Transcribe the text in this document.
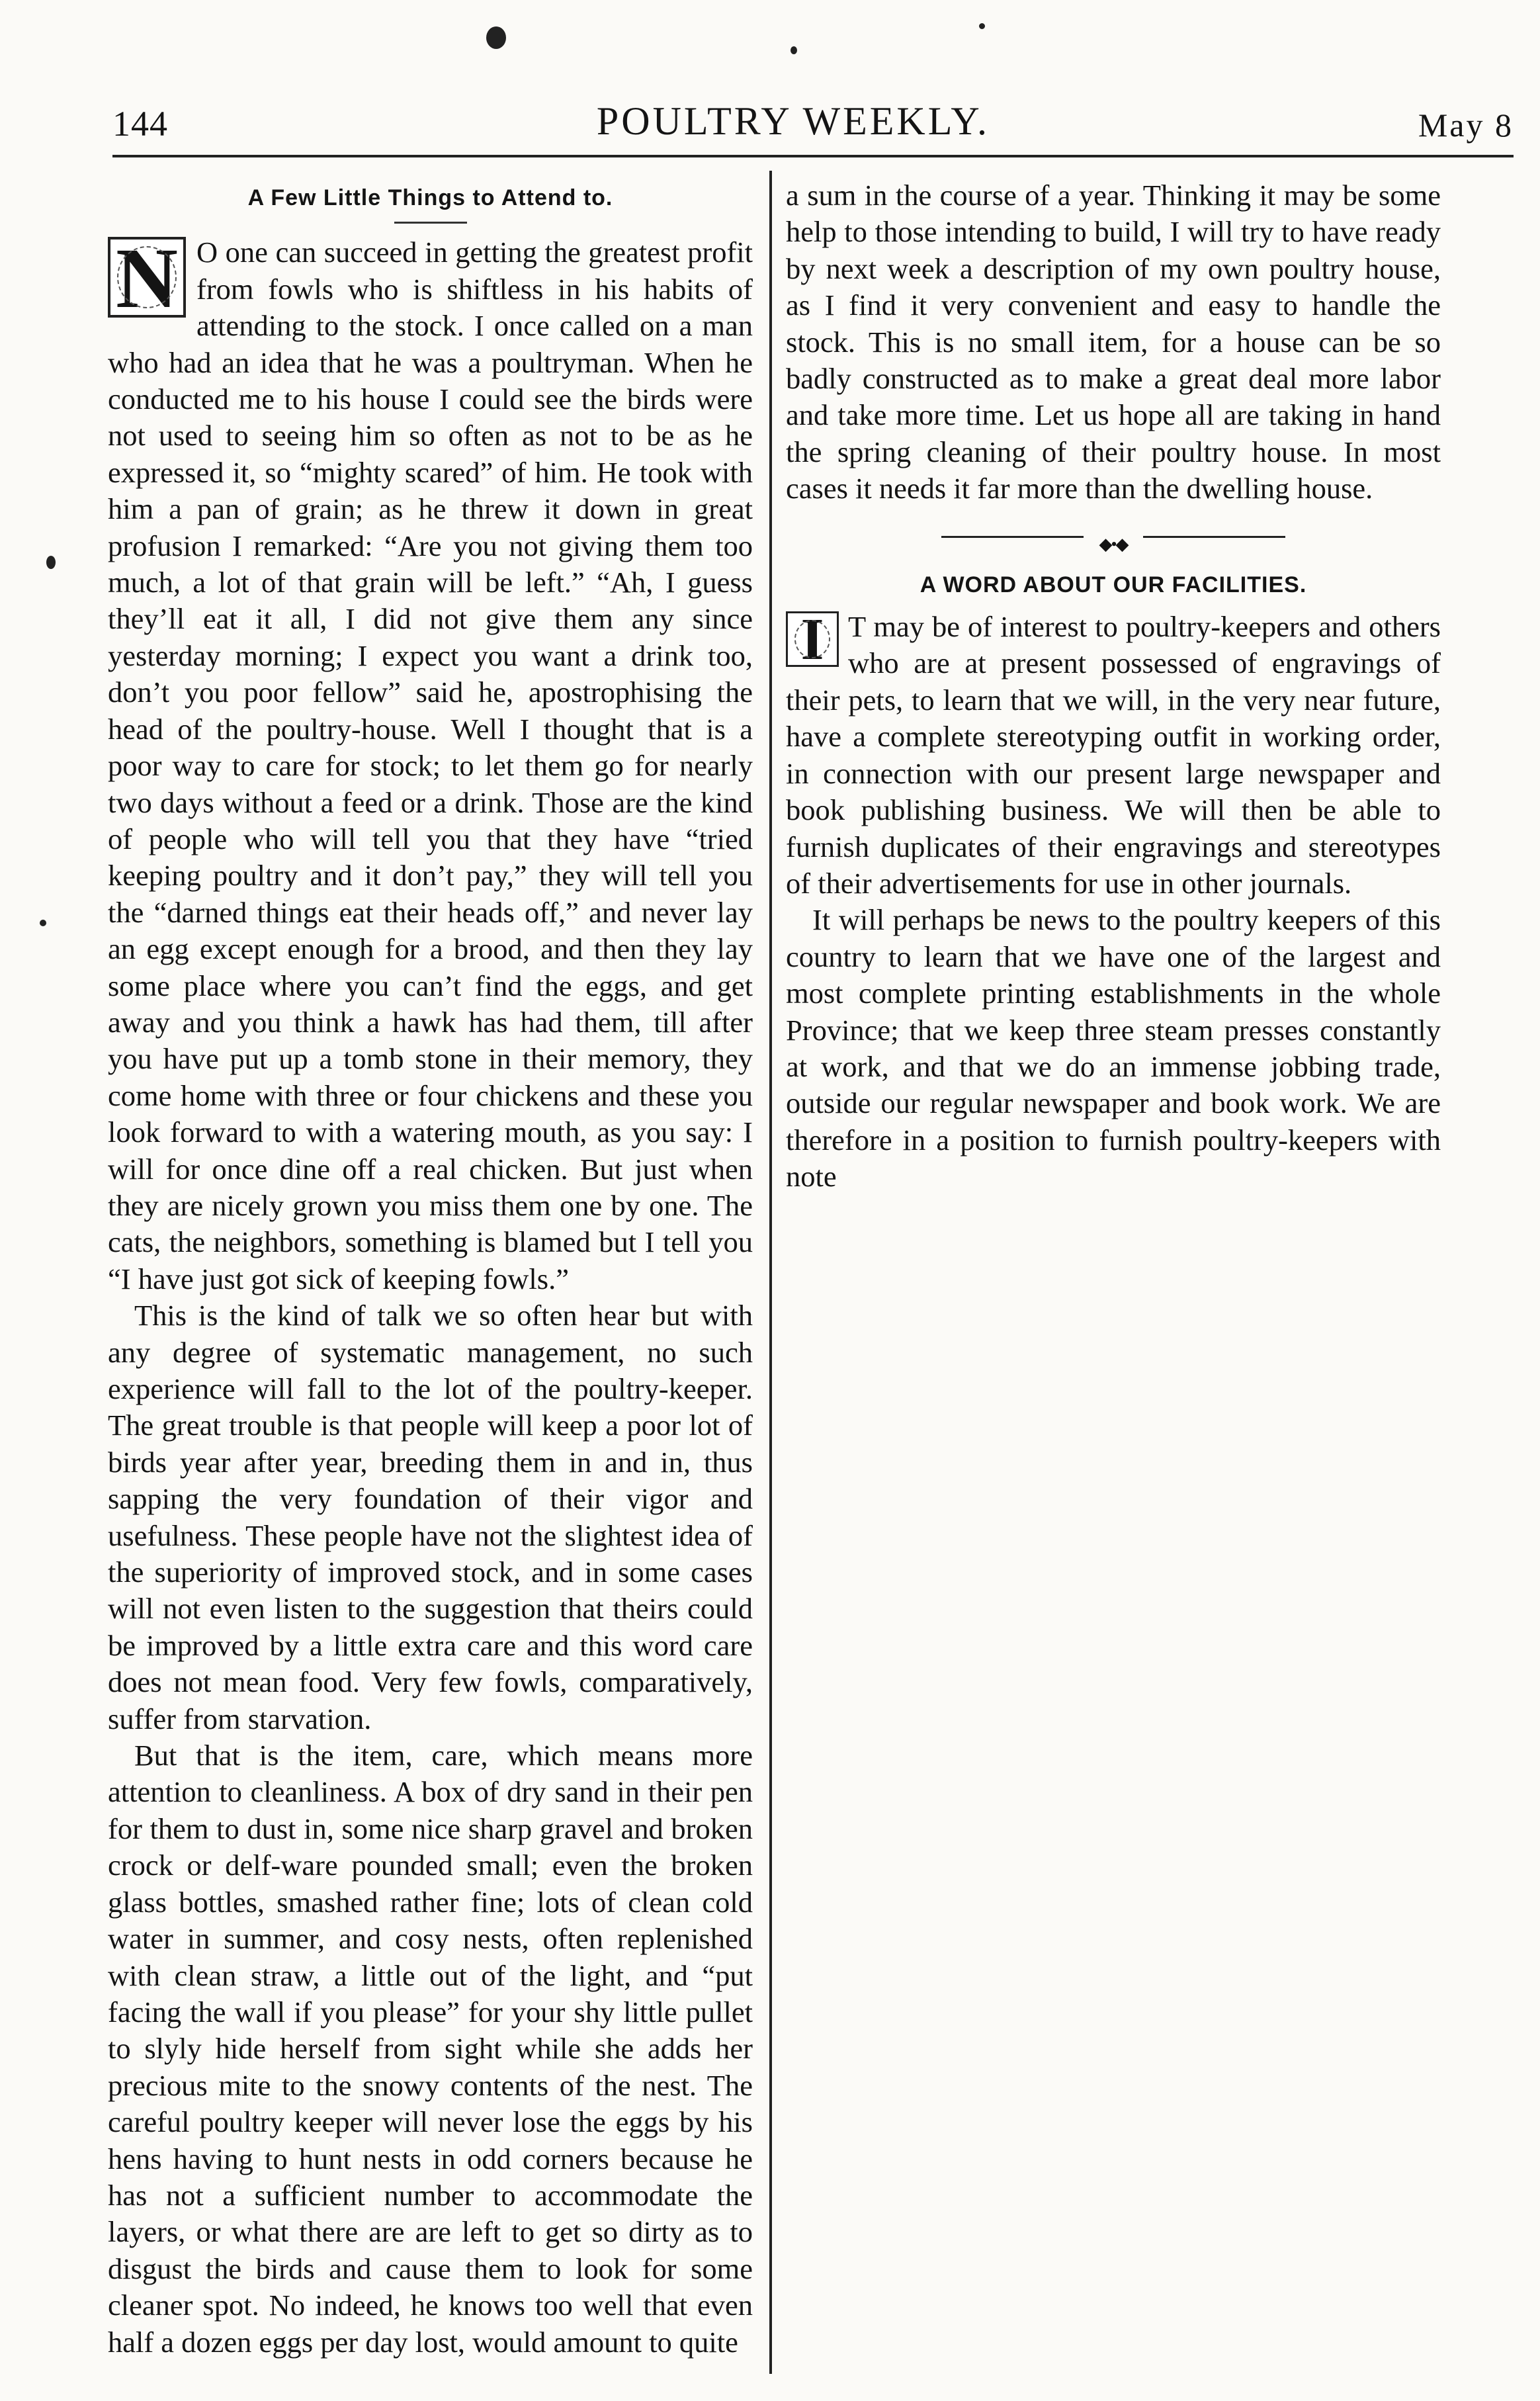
144	POULTRY WEEKLY.	May 8
A Few Little Things to Attend to.

N O one can succeed in getting the greatest profit from fowls who is shiftless in his habits of attending to the stock. I once called on a man who had an idea that he was a poultryman. When he conducted me to his house I could see the birds were not used to seeing him so often as not to be as he expressed it, so “mighty scared” of him. He took with him a pan of grain; as he threw it down in great profusion I remarked: “Are you not giving them too much, a lot of that grain will be left.” “Ah, I guess they’ll eat it all, I did not give them any since yesterday morning; I expect you want a drink too, don’t you poor fellow” said he, apostrophising the head of the poultry-house. Well I thought that is a poor way to care for stock; to let them go for nearly two days without a feed or a drink. Those are the kind of people who will tell you that they have “tried keeping poultry and it don’t pay,” they will tell you the “darned things eat their heads off,” and never lay an egg except enough for a brood, and then they lay some place where you can’t find the eggs, and get away and you think a hawk has had them, till after you have put up a tomb stone in their memory, they come home with three or four chickens and these you look forward to with a watering mouth, as you say: I will for once dine off a real chicken. But just when they are nicely grown you miss them one by one. The cats, the neighbors, something is blamed but I tell you “I have just got sick of keeping fowls.”

This is the kind of talk we so often hear but with any degree of systematic management, no such experience will fall to the lot of the poultry-keeper. The great trouble is that people will keep a poor lot of birds year after year, breeding them in and in, thus sapping the very foundation of their vigor and usefulness. These people have not the slightest idea of the superiority of improved stock, and in some cases will not even listen to the suggestion that theirs could be improved by a little extra care and this word care does not mean food. Very few fowls, comparatively, suffer from starvation.

But that is the item, care, which means more attention to cleanliness. A box of dry sand in their pen for them to dust in, some nice sharp gravel and broken crock or delf-ware pounded small; even the broken glass bottles, smashed rather fine; lots of clean cold water in summer, and cosy nests, often replenished with clean straw, a little out of the light, and “put facing the wall if you please” for your shy little pullet to slyly hide herself from sight while she adds her precious mite to the snowy contents of the nest. The careful poultry keeper will never lose the eggs by his hens having to hunt nests in odd corners because he has not a sufficient number to accommodate the layers, or what there are are left to get so dirty as to disgust the birds and cause them to look for some cleaner spot. No indeed, he knows too well that even half a dozen eggs per day lost, would amount to quite

a sum in the course of a year. Thinking it may be some help to those intending to build, I will try to have ready by next week a description of my own poultry house, as I find it very convenient and easy to handle the stock. This is no small item, for a house can be so badly constructed as to make a great deal more labor and take more time. Let us hope all are taking in hand the spring cleaning of their poultry house. In most cases it needs it far more than the dwelling house.

◆•◆
A WORD ABOUT OUR FACILITIES.

I T may be of interest to poultry-keepers and others who are at present possessed of engravings of their pets, to learn that we will, in the very near future, have a complete stereotyping outfit in working order, in connection with our present large newspaper and book publishing business. We will then be able to furnish duplicates of their engravings and stereotypes of their advertisements for use in other journals.

It will perhaps be news to the poultry keepers of this country to learn that we have one of the largest and most complete printing establishments in the whole Province; that we keep three steam presses constantly at work, and that we do an immense jobbing trade, outside our regular newspaper and book work. We are therefore in a position to furnish poultry-keepers with note
